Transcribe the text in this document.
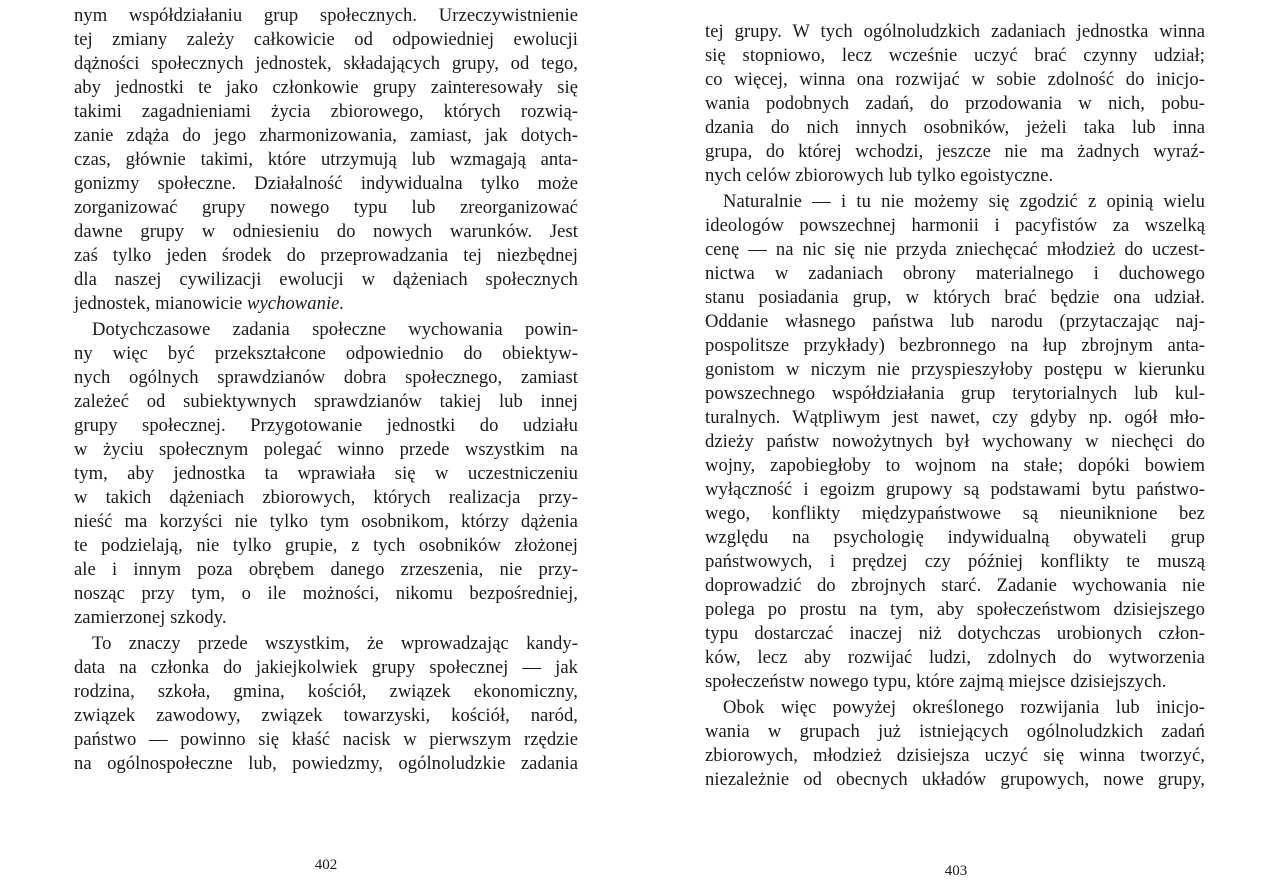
nym współdziałaniu grup społecznych. Urzeczywistnienie
tej zmiany zależy całkowicie od odpowiedniej ewolucji
dążności społecznych jednostek, składających grupy, od tego,
aby jednostki te jako członkowie grupy zainteresowały się
takimi zagadnieniami życia zbiorowego, których rozwią-
zanie zdąża do jego zharmonizowania, zamiast, jak dotych-
czas, głównie takimi, które utrzymują lub wzmagają anta-
gonizmy społeczne. Działalność indywidualna tylko może
zorganizować grupy nowego typu lub zreorganizować
dawne grupy w odniesieniu do nowych warunków. Jest
zaś tylko jeden środek do przeprowadzania tej niezbędnej
dla naszej cywilizacji ewolucji w dążeniach społecznych
jednostek, mianowicie wychowanie.
Dotychczasowe zadania społeczne wychowania powin-
ny więc być przekształcone odpowiednio do obiektyw-
nych ogólnych sprawdzianów dobra społecznego, zamiast
zależeć od subiektywnych sprawdzianów takiej lub innej
grupy społecznej. Przygotowanie jednostki do udziału
w życiu społecznym polegać winno przede wszystkim na
tym, aby jednostka ta wprawiała się w uczestniczeniu
w takich dążeniach zbiorowych, których realizacja przy-
nieść ma korzyści nie tylko tym osobnikom, którzy dążenia
te podzielają, nie tylko grupie, z tych osobników złożonej
ale i innym poza obrębem danego zrzeszenia, nie przy-
nosząc przy tym, o ile możności, nikomu bezpośredniej,
zamierzonej szkody.
To znaczy przede wszystkim, że wprowadzając kandy-
data na członka do jakiejkolwiek grupy społecznej — jak
rodzina, szkoła, gmina, kościół, związek ekonomiczny,
związek zawodowy, związek towarzyski, kościół, naród,
państwo — powinno się kłaść nacisk w pierwszym rzędzie
na ogólnospołeczne lub, powiedzmy, ogólnoludzkie zadania
402
tej grupy. W tych ogólnoludzkich zadaniach jednostka winna
się stopniowo, lecz wcześnie uczyć brać czynny udział;
co więcej, winna ona rozwijać w sobie zdolność do inicjo-
wania podobnych zadań, do przodowania w nich, pobu-
dzania do nich innych osobników, jeżeli taka lub inna
grupa, do której wchodzi, jeszcze nie ma żadnych wyraź-
nych celów zbiorowych lub tylko egoistyczne.
Naturalnie — i tu nie możemy się zgodzić z opinią wielu
ideologów powszechnej harmonii i pacyfistów za wszelką
cenę — na nic się nie przyda zniechęcać młodzież do uczest-
nictwa w zadaniach obrony materialnego i duchowego
stanu posiadania grup, w których brać będzie ona udział.
Oddanie własnego państwa lub narodu (przytaczając naj-
pospolitsze przykłady) bezbronnego na łup zbrojnym anta-
gonistom w niczym nie przyspieszyłoby postępu w kierunku
powszechnego współdziałania grup terytorialnych lub kul-
turalnych. Wątpliwym jest nawet, czy gdyby np. ogół mło-
dzieży państw nowożytnych był wychowany w niechęci do
wojny, zapobiegłoby to wojnom na stałe; dopóki bowiem
wyłączność i egoizm grupowy są podstawami bytu państwo-
wego, konflikty międzypaństwowe są nieuniknione bez
względu na psychologię indywidualną obywateli grup
państwowych, i prędzej czy później konflikty te muszą
doprowadzić do zbrojnych starć. Zadanie wychowania nie
polega po prostu na tym, aby społeczeństwom dzisiejszego
typu dostarczać inaczej niż dotychczas urobionych człon-
ków, lecz aby rozwijać ludzi, zdolnych do wytworzenia
społeczeństw nowego typu, które zajmą miejsce dzisiejszych.
Obok więc powyżej określonego rozwijania lub inicjo-
wania w grupach już istniejących ogólnoludzkich zadań
zbiorowych, młodzież dzisiejsza uczyć się winna tworzyć,
niezależnie od obecnych układów grupowych, nowe grupy,
403
